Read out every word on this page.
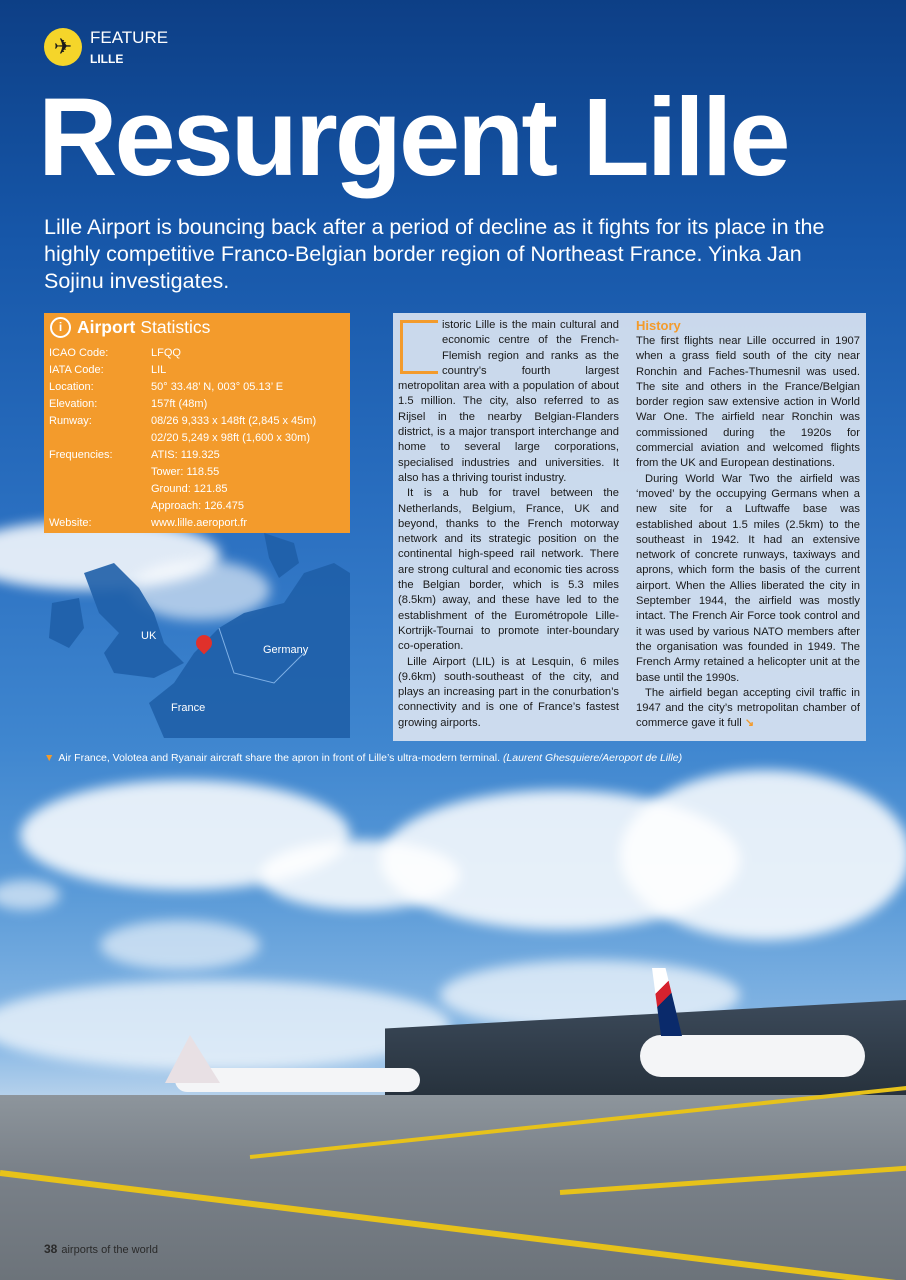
✈	FEATURE
LILLE
Resurgent Lille
Lille Airport is bouncing back after a period of decline as it fights for its place in the highly competitive Franco-Belgian border region of Northeast France. Yinka Jan Sojinu investigates.
i Airport Statistics
ICAO Code:	LFQQ
IATA Code:	LIL
Location:	50° 33.48’ N, 003° 05.13’ E
Elevation:	157ft (48m)
Runway:	08/26 9,333 x 148ft (2,845 x 45m)
	02/20 5,249 x 98ft (1,600 x 30m)
Frequencies:	ATIS: 119.325
	Tower: 118.55
	Ground: 121.85
	Approach: 126.475
Website:	www.lille.aeroport.fr
UK
Germany
France

istoric Lille is the main cultural and economic centre of the French-Flemish region and ranks as the country’s fourth largest metropolitan area with a population of about 1.5 million. The city, also referred to as Rijsel in the nearby Belgian-Flanders district, is a major transport interchange and home to several large corporations, specialised industries and universities. It also has a thriving tourist industry.

It is a hub for travel between the Netherlands, Belgium, France, UK and beyond, thanks to the French motorway network and its strategic position on the continental high-speed rail network. There are strong cultural and economic ties across the Belgian border, which is 5.3 miles (8.5km) away, and these have led to the establishment of the Eurométropole Lille-Kortrijk-Tournai to promote inter-boundary co-operation.

Lille Airport (LIL) is at Lesquin, 6 miles (9.6km) south-southeast of the city, and plays an increasing part in the conurbation’s connectivity and is one of France’s fastest growing airports.

History

The first flights near Lille occurred in 1907 when a grass field south of the city near Ronchin and Faches-Thumesnil was used. The site and others in the France/Belgian border region saw extensive action in World War One. The airfield near Ronchin was commissioned during the 1920s for commercial aviation and welcomed flights from the UK and European destinations.

During World War Two the airfield was ‘moved’ by the occupying Germans when a new site for a Luftwaffe base was established about 1.5 miles (2.5km) to the southeast in 1942. It had an extensive network of concrete runways, taxiways and aprons, which form the basis of the current airport. When the Allies liberated the city in September 1944, the airfield was mostly intact. The French Air Force took control and it was used by various NATO members after the organisation was founded in 1949. The French Army retained a helicopter unit at the base until the 1990s.

The airfield began accepting civil traffic in 1947 and the city’s metropolitan chamber of commerce gave it full ↘

▼ Air France, Volotea and Ryanair aircraft share the apron in front of Lille’s ultra-modern terminal. (Laurent Ghesquiere/Aeroport de Lille)
38 airports of the world
